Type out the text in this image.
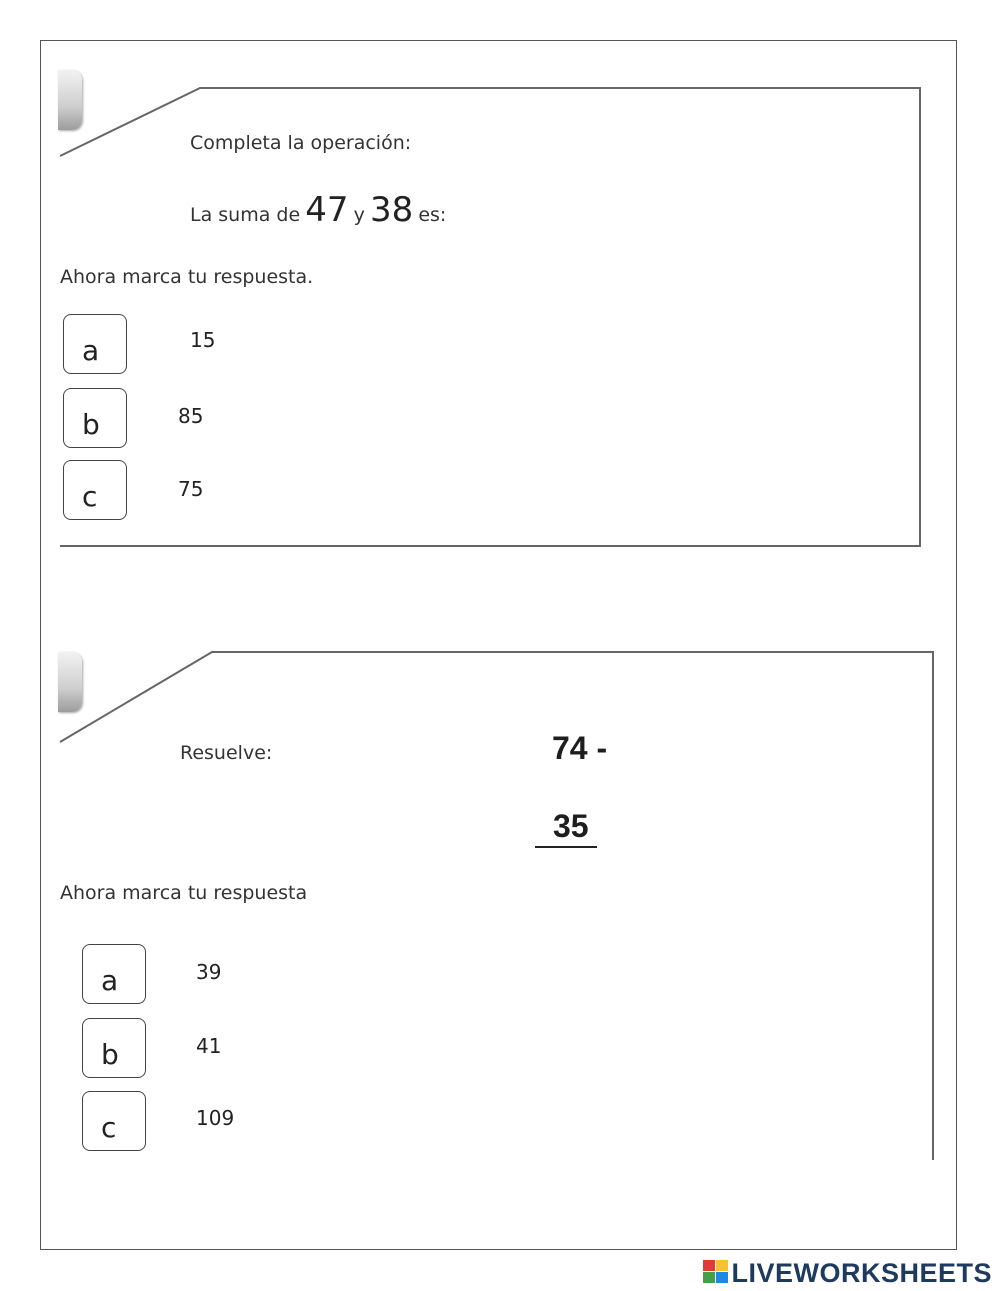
Completa la operación:
La suma de 47 y 38 es:
Ahora marca tu respuesta.
a	15
b	85
c	75
Resuelve:	74 -
35
Ahora marca tu respuesta
a	39
b	41
c	109
LIVEWORKSHEETS
